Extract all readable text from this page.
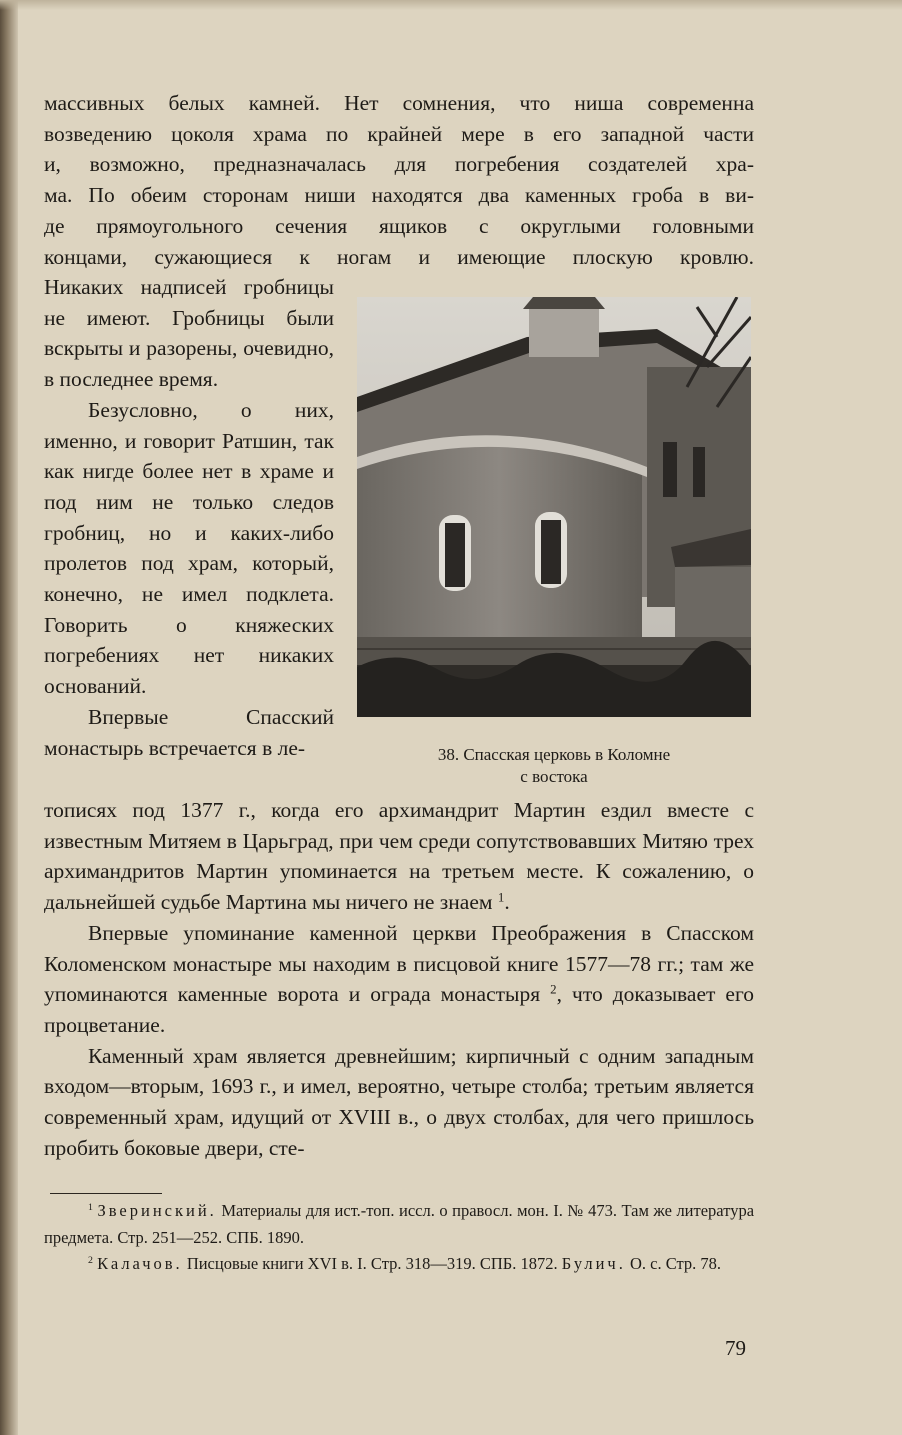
массивных белых камней. Нет сомнения, что ниша современна

возведению цоколя храма по крайней мере в его западной части

и, возможно, предназначалась для погребения создателей хра-

ма. По обеим сторонам ниши находятся два каменных гроба в ви-

де прямоугольного сечения ящиков с округлыми головными

концами, сужающиеся к ногам и имеющие плоскую кровлю.

Никаких надписей гробницы не имеют. Гробницы были вскрыты и разорены, очевидно, в последнее время.

Безусловно, о них, именно, и говорит Ратшин, так как нигде более нет в храме и под ним не только следов гробниц, но и каких-либо пролетов под храм, который, конечно, не имел подклета. Говорить о княжеских погребениях нет никаких оснований.

Впервые Спасский монастырь встречается в ле-	38. Спасская церковь в Коломне
с востока

тописях под 1377 г., когда его архимандрит Мартин ездил вместе с известным Митяем в Царьград, при чем среди сопутствовавших Митяю трех архимандритов Мартин упоминается на третьем месте. К сожалению, о дальнейшей судьбе Мартина мы ничего не знаем $^1$.

Впервые упоминание каменной церкви Преображения в Спасском Коломенском монастыре мы находим в писцовой книге 1577—78 гг.; там же упоминаются каменные ворота и ограда монастыря $^2$, что доказывает его процветание.

Каменный храм является древнейшим; кирпичный с одним западным входом—вторым, 1693 г., и имел, вероятно, четыре столба; третьим является современный храм, идущий от XVIII в., о двух столбах, для чего пришлось пробить боковые двери, сте-

$^1$ Зверинский. Материалы для ист.-топ. иссл. о правосл. мон. I. № 473. Там же литература предмета. Стр. 251—252. СПБ. 1890.

$^2$ Калачов. Писцовые книги XVI в. I. Стр. 318—319. СПБ. 1872. Булич. О. с. Стр. 78.

79
